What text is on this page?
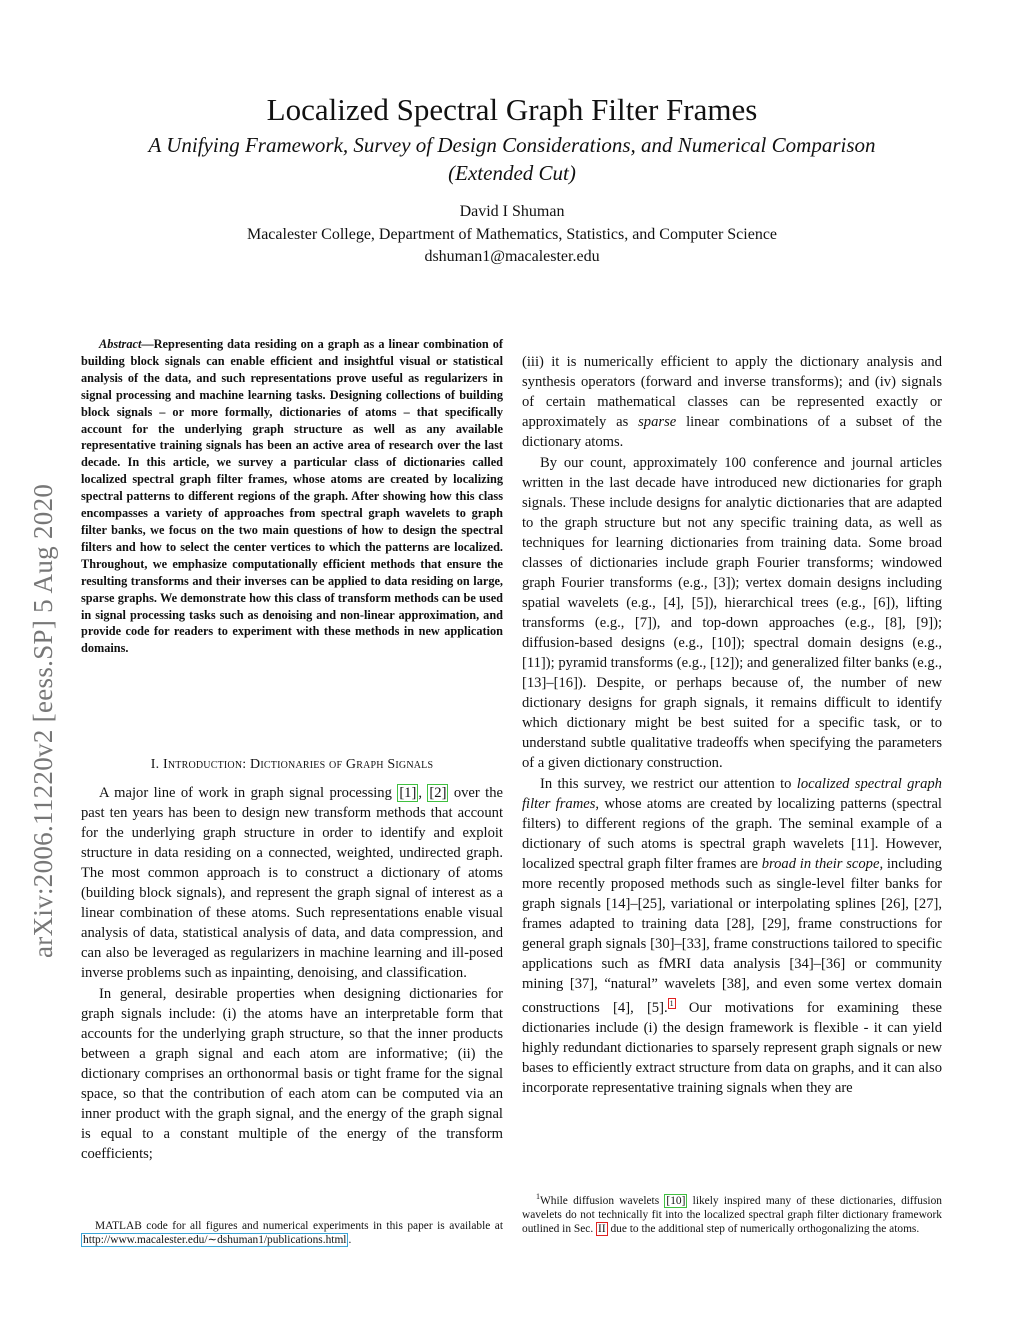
Localized Spectral Graph Filter Frames
A Unifying Framework, Survey of Design Considerations, and Numerical Comparison
(Extended Cut)
David I Shuman
Macalester College, Department of Mathematics, Statistics, and Computer Science
dshuman1@macalester.edu
arXiv:2006.11220v2 [eess.SP] 5 Aug 2020
Abstract—Representing data residing on a graph as a linear combination of building block signals can enable efficient and insightful visual or statistical analysis of the data, and such representations prove useful as regularizers in signal processing and machine learning tasks. Designing collections of building block signals – or more formally, dictionaries of atoms – that specifically account for the underlying graph structure as well as any available representative training signals has been an active area of research over the last decade. In this article, we survey a particular class of dictionaries called localized spectral graph filter frames, whose atoms are created by localizing spectral patterns to different regions of the graph. After showing how this class encompasses a variety of approaches from spectral graph wavelets to graph filter banks, we focus on the two main questions of how to design the spectral filters and how to select the center vertices to which the patterns are localized. Throughout, we emphasize computationally efficient methods that ensure the resulting transforms and their inverses can be applied to data residing on large, sparse graphs. We demonstrate how this class of transform methods can be used in signal processing tasks such as denoising and non-linear approximation, and provide code for readers to experiment with these methods in new application domains.
I. Introduction: Dictionaries of Graph Signals

A major line of work in graph signal processing [1] , [2] over the past ten years has been to design new transform methods that account for the underlying graph structure in order to identify and exploit structure in data residing on a connected, weighted, undirected graph. The most common approach is to construct a dictionary of atoms (building block signals), and represent the graph signal of interest as a linear combination of these atoms. Such representations enable visual analysis of data, statistical analysis of data, and data compression, and can also be leveraged as regularizers in machine learning and ill-posed inverse problems such as inpainting, denoising, and classification.

In general, desirable properties when designing dictionaries for graph signals include: (i) the atoms have an interpretable form that accounts for the underlying graph structure, so that the inner products between a graph signal and each atom are informative; (ii) the dictionary comprises an orthonormal basis or tight frame for the signal space, so that the contribution of each atom can be computed via an inner product with the graph signal, and the energy of the graph signal is equal to a constant multiple of the energy of the transform coefficients;

MATLAB code for all figures and numerical experiments in this paper is available at http://www.macalester.edu/∼dshuman1/publications.html .

(iii) it is numerically efficient to apply the dictionary analysis and synthesis operators (forward and inverse transforms); and (iv) signals of certain mathematical classes can be represented exactly or approximately as sparse linear combinations of a subset of the dictionary atoms.

By our count, approximately 100 conference and journal articles written in the last decade have introduced new dictionaries for graph signals. These include designs for analytic dictionaries that are adapted to the graph structure but not any specific training data, as well as techniques for learning dictionaries from training data. Some broad classes of dictionaries include graph Fourier transforms; windowed graph Fourier transforms (e.g., [3]); vertex domain designs including spatial wavelets (e.g., [4], [5]), hierarchical trees (e.g., [6]), lifting transforms (e.g., [7]), and top-down approaches (e.g., [8], [9]); diffusion-based designs (e.g., [10]); spectral domain designs (e.g., [11]); pyramid transforms (e.g., [12]); and generalized filter banks (e.g., [13]–[16]). Despite, or perhaps because of, the number of new dictionary designs for graph signals, it remains difficult to identify which dictionary might be best suited for a specific task, or to understand subtle qualitative tradeoffs when specifying the parameters of a given dictionary construction.

In this survey, we restrict our attention to localized spectral graph filter frames, whose atoms are created by localizing patterns (spectral filters) to different regions of the graph. The seminal example of a dictionary of such atoms is spectral graph wavelets [11]. However, localized spectral graph filter frames are broad in their scope, including more recently proposed methods such as single-level filter banks for graph signals [14]–[25], variational or interpolating splines [26], [27], frames adapted to training data [28], [29], frame constructions for general graph signals [30]–[33], frame constructions tailored to specific applications such as fMRI data analysis [34]–[36] or community mining [37], “natural” wavelets [38], and even some vertex domain constructions [4], [5]. $^1$ Our motivations for examining these dictionaries include (i) the design framework is flexible - it can yield highly redundant dictionaries to sparsely represent graph signals or new bases to efficiently extract structure from data on graphs, and it can also incorporate representative training signals when they are

$^1$While diffusion wavelets [10] likely inspired many of these dictionaries, diffusion wavelets do not technically fit into the localized spectral graph filter dictionary framework outlined in Sec. II due to the additional step of numerically orthogonalizing the atoms.
